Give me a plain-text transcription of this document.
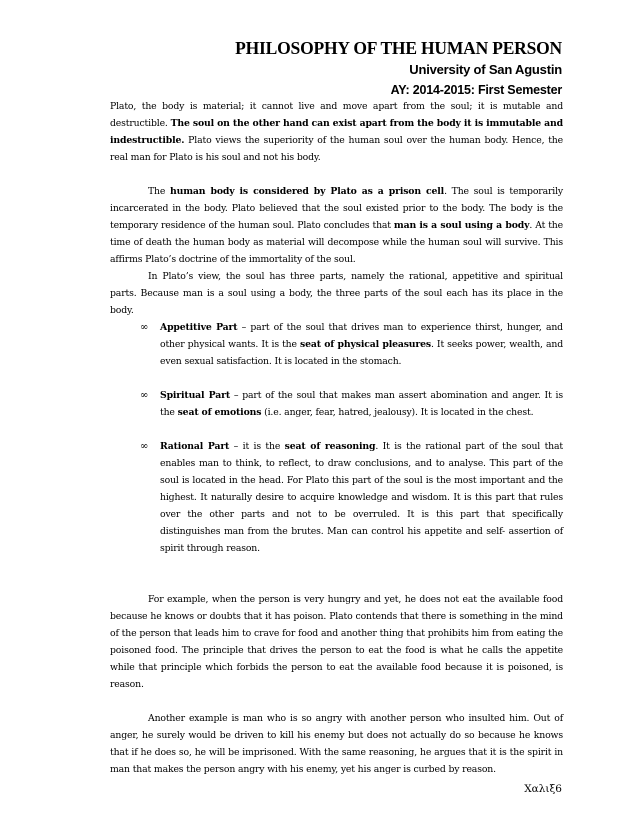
PHILOSOPHY OF THE HUMAN PERSON
University of San Agustin
AY: 2014-2015: First Semester

Plato, the body is material; it cannot live and move apart from the soul; it is mutable and destructible. The soul on the other hand can exist apart from the body it is immutable and indestructible. Plato views the superiority of the human soul over the human body. Hence, the real man for Plato is his soul and not his body.

The human body is considered by Plato as a prison cell. The soul is temporarily incarcerated in the body. Plato believed that the soul existed prior to the body. The body is the temporary residence of the human soul. Plato concludes that man is a soul using a body. At the time of death the human body as material will decompose while the human soul will survive. This affirms Plato’s doctrine of the immortality of the soul.

In Plato’s view, the soul has three parts, namely the rational, appetitive and spiritual parts. Because man is a soul using a body, the three parts of the soul each has its place in the body.

∞ Appetitive Part – part of the soul that drives man to experience thirst, hunger, and other physical wants. It is the seat of physical pleasures. It seeks power, wealth, and even sexual satisfaction. It is located in the stomach.
∞ Spiritual Part – part of the soul that makes man assert abomination and anger. It is the seat of emotions (i.e. anger, fear, hatred, jealousy). It is located in the chest.
∞ Rational Part – it is the seat of reasoning. It is the rational part of the soul that enables man to think, to reflect, to draw conclusions, and to analyse. This part of the soul is located in the head. For Plato this part of the soul is the most important and the highest. It naturally desire to acquire knowledge and wisdom. It is this part that rules over the other parts and not to be overruled. It is this part that specifically distinguishes man from the brutes. Man can control his appetite and self- assertion of spirit through reason.

For example, when the person is very hungry and yet, he does not eat the available food because he knows or doubts that it has poison. Plato contends that there is something in the mind of the person that leads him to crave for food and another thing that prohibits him from eating the poisoned food. The principle that drives the person to eat the food is what he calls the appetite while that principle which forbids the person to eat the available food because it is poisoned, is reason.

Another example is man who is so angry with another person who insulted him. Out of anger, he surely would be driven to kill his enemy but does not actually do so because he knows that if he does so, he will be imprisoned. With the same reasoning, he argues that it is the spirit in man that makes the person angry with his enemy, yet his anger is curbed by reason.

Χαλιξ6
